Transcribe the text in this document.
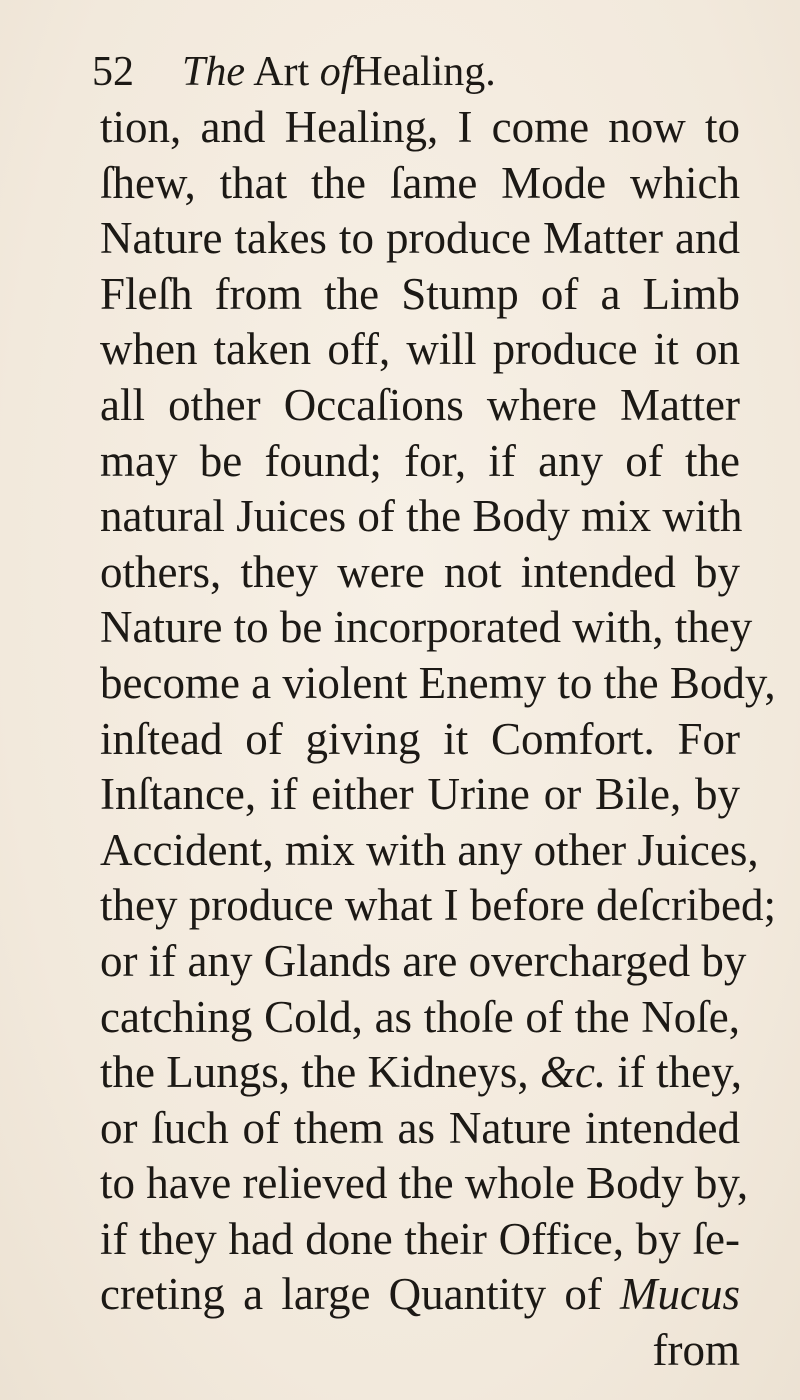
52 The Art ofHealing.
tion, and Healing, I come now to
ſhew, that the ſame Mode which
Nature takes to produce Matter and
Fleſh from the Stump of a Limb
when taken off, will produce it on
all other Occaſions where Matter
may be found; for, if any of the
natural Juices of the Body mix with
others, they were not intended by
Nature to be incorporated with, they
become a violent Enemy to the Body,
inſtead of giving it Comfort. For
Inſtance, if either Urine or Bile, by
Accident, mix with any other Juices,
they produce what I before deſcribed;
or if any Glands are overcharged by
catching Cold, as thoſe of the Noſe,
the Lungs, the Kidneys, &c. if they,
or ſuch of them as Nature intended
to have relieved the whole Body by,
if they had done their Office, by ſe-
creting a large Quantity of Mucus
from
